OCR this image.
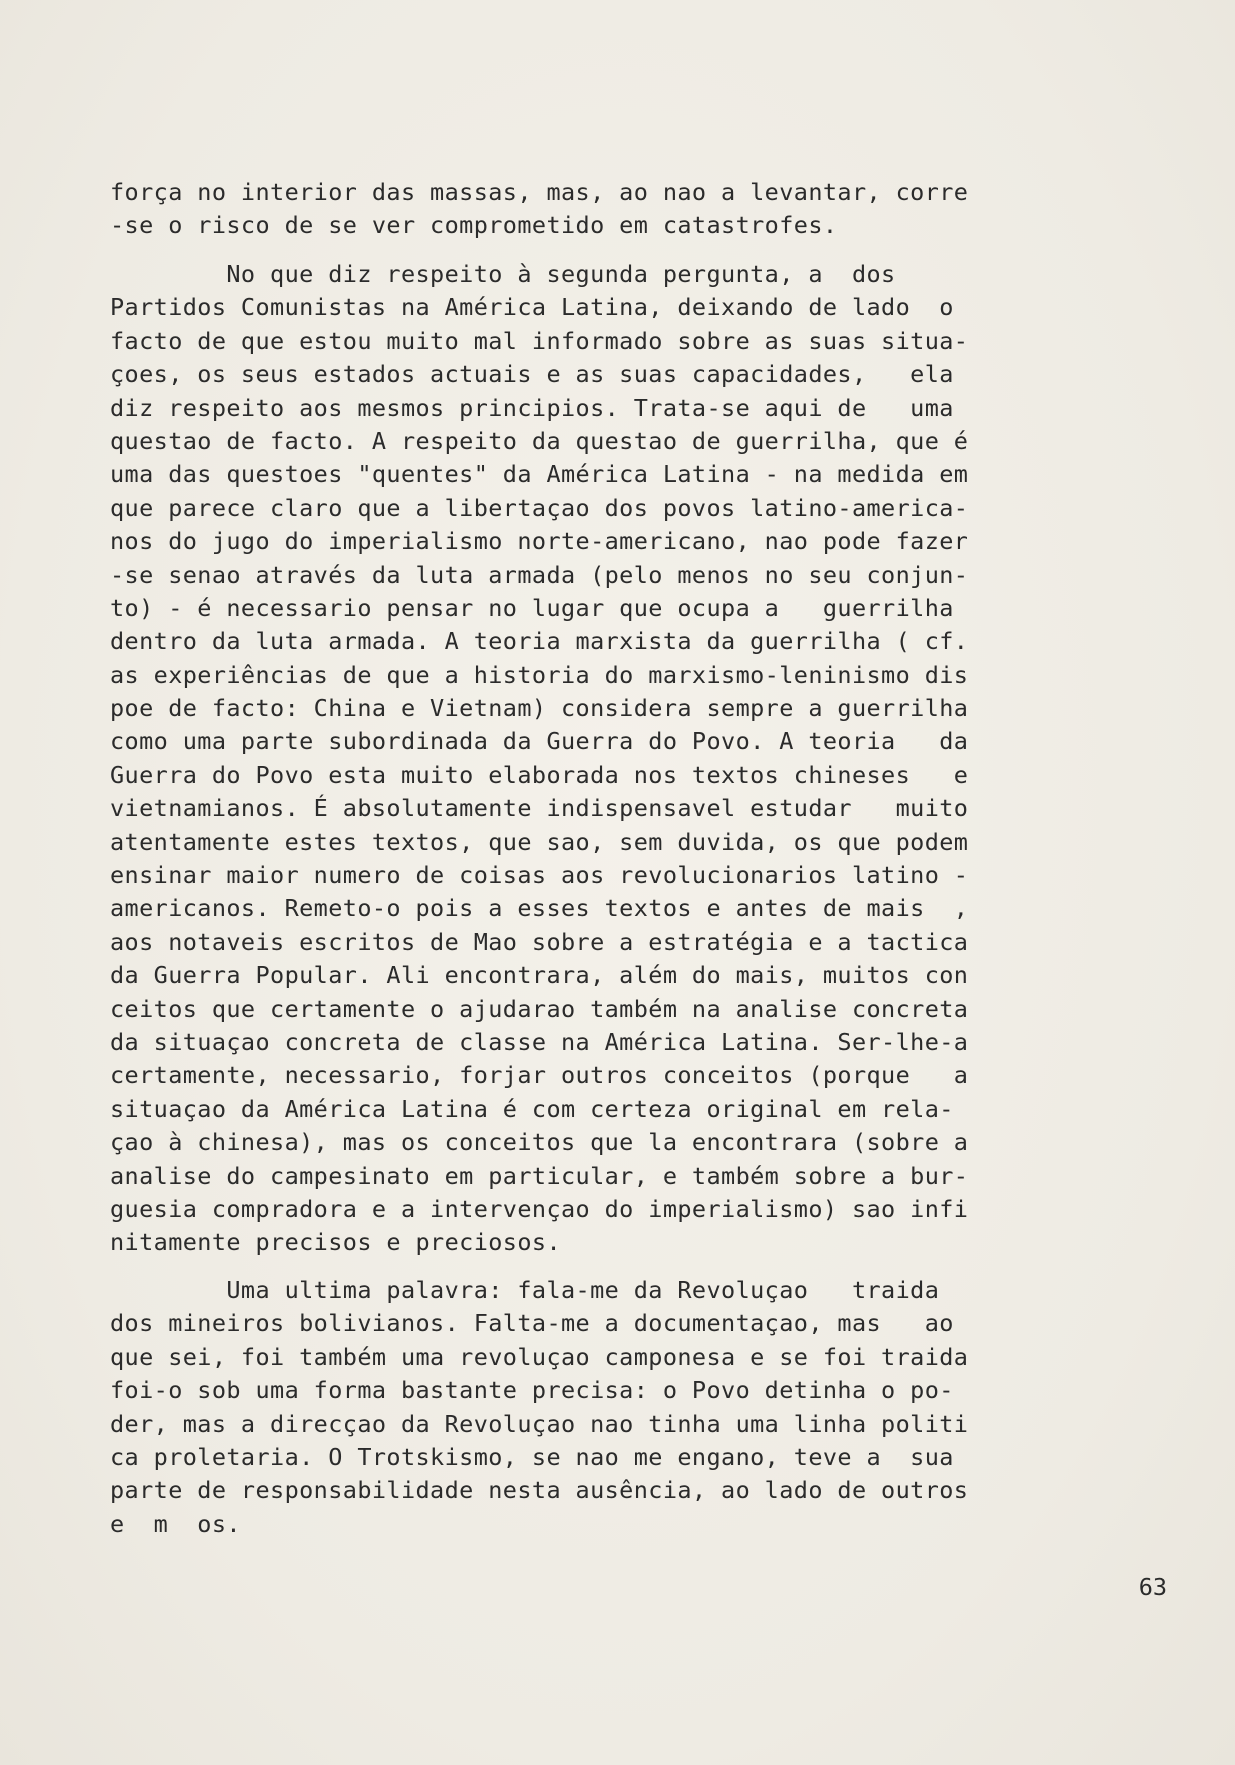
força no interior das massas, mas, ao nao a levantar, corre
-se o risco de se ver comprometido em catastrofes.
No que diz respeito à segunda pergunta, a  dos
Partidos Comunistas na América Latina, deixando de lado  o
facto de que estou muito mal informado sobre as suas situa-
çoes, os seus estados actuais e as suas capacidades,   ela
diz respeito aos mesmos principios. Trata-se aqui de   uma
questao de facto. A respeito da questao de guerrilha, que é
uma das questoes "quentes" da América Latina - na medida em
que parece claro que a libertaçao dos povos latino-america-
nos do jugo do imperialismo norte-americano, nao pode fazer
-se senao através da luta armada (pelo menos no seu conjun-
to) - é necessario pensar no lugar que ocupa a   guerrilha
dentro da luta armada. A teoria marxista da guerrilha ( cf.
as experiências de que a historia do marxismo-leninismo dis
poe de facto: China e Vietnam) considera sempre a guerrilha
como uma parte subordinada da Guerra do Povo. A teoria   da
Guerra do Povo esta muito elaborada nos textos chineses   e
vietnamianos. É absolutamente indispensavel estudar   muito
atentamente estes textos, que sao, sem duvida, os que podem
ensinar maior numero de coisas aos revolucionarios latino -
americanos. Remeto-o pois a esses textos e antes de mais  ,
aos notaveis escritos de Mao sobre a estratégia e a tactica
da Guerra Popular. Ali encontrara, além do mais, muitos con
ceitos que certamente o ajudarao também na analise concreta
da situaçao concreta de classe na América Latina. Ser-lhe-a
certamente, necessario, forjar outros conceitos (porque   a
situaçao da América Latina é com certeza original em rela-
çao à chinesa), mas os conceitos que la encontrara (sobre a
analise do campesinato em particular, e também sobre a bur-
guesia compradora e a intervençao do imperialismo) sao infi
nitamente precisos e preciosos.
Uma ultima palavra: fala-me da Revoluçao   traida
dos mineiros bolivianos. Falta-me a documentaçao, mas   ao
que sei, foi também uma revoluçao camponesa e se foi traida
foi-o sob uma forma bastante precisa: o Povo detinha o po-
der, mas a direcçao da Revoluçao nao tinha uma linha politi
ca proletaria. O Trotskismo, se nao me engano, teve a  sua
parte de responsabilidade nesta ausência, ao lado de outros
e  m  os.
63
